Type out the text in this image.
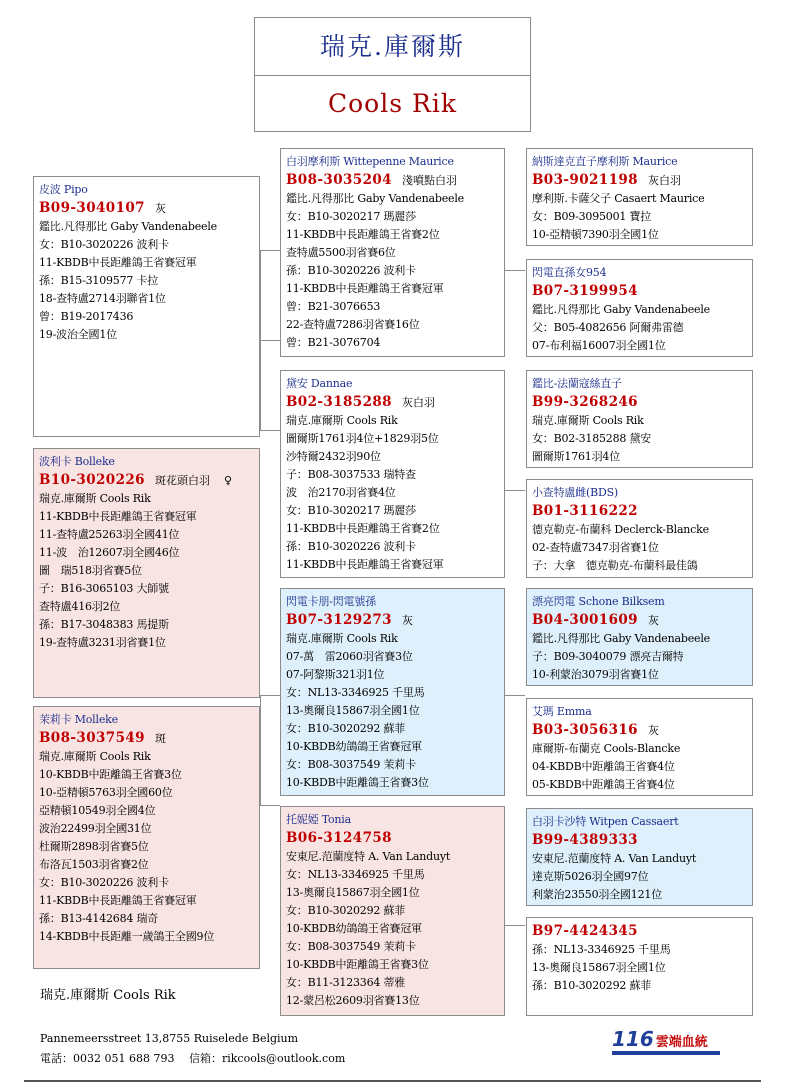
瑞克.庫爾斯
Cools Rik
皮波 Pipo
B09-3040107 灰
鑑比.凡得那比 Gaby Vandenabeele
女：B10-3020226 波利卡
11-KBDB中長距離鴿王省賽冠軍
孫：B15-3109577 卡拉
18-查特盧2714羽聯省1位
曾：B19-2017436
19-波治全國1位
波利卡 Bolleke
B10-3020226 斑花頭白羽 ♀
瑞克.庫爾斯 Cools Rik
11-KBDB中長距離鴿王省賽冠軍
11-查特盧25263羽全國41位
11-波　治12607羽全國46位
圖　瑞518羽省賽5位
子：B16-3065103 大師號
查特盧416羽2位
孫：B17-3048383 馬提斯
19-查特盧3231羽省賽1位
茉莉卡 Molleke
B08-3037549 斑
瑞克.庫爾斯 Cools Rik
10-KBDB中距離鴿王省賽3位
10-亞精頓5763羽全國60位
亞精頓10549羽全國4位
波治22499羽全國31位
杜爾斯2898羽省賽5位
布洛瓦1503羽省賽2位
女：B10-3020226 波利卡
11-KBDB中長距離鴿王省賽冠軍
孫：B13-4142684 瑞奇
14-KBDB中長距離一歲鴿王全國9位
白羽摩利斯 Wittepenne Maurice
B08-3035204 淺噴點白羽
鑑比.凡得那比 Gaby Vandenabeele
女：B10-3020217 瑪麗莎
11-KBDB中長距離鴿王省賽2位
查特盧5500羽省賽6位
孫：B10-3020226 波利卡
11-KBDB中長距離鴿王省賽冠軍
曾：B21-3076653
22-查特盧7286羽省賽16位
曾：B21-3076704
黛安 Dannae
B02-3185288 灰白羽
瑞克.庫爾斯 Cools Rik
圖爾斯1761羽4位+1829羽5位
沙特爾2432羽90位
子：B08-3037533 瑞特查
波　治2170羽省賽4位
女：B10-3020217 瑪麗莎
11-KBDB中長距離鴿王省賽2位
孫：B10-3020226 波利卡
11-KBDB中長距離鴿王省賽冠軍
閃電卡朋-閃電號孫
B07-3129273 灰
瑞克.庫爾斯 Cools Rik
07-萬　雷2060羽省賽3位
07-阿黎斯321羽1位
女：NL13-3346925 千里馬
13-奧爾良15867羽全國1位
女：B10-3020292 蘇菲
10-KBDB幼鴿鴿王省賽冠軍
女：B08-3037549 茉莉卡
10-KBDB中距離鴿王省賽3位
托妮婭 Tonia
B06-3124758
安東尼.范蘭度特 A. Van Landuyt
女：NL13-3346925 千里馬
13-奧爾良15867羽全國1位
女：B10-3020292 蘇菲
10-KBDB幼鴿鴿王省賽冠軍
女：B08-3037549 茉莉卡
10-KBDB中距離鴿王省賽3位
女：B11-3123364 蒂雅
12-蒙呂松2609羽省賽13位
納斯達克直子摩利斯 Maurice
B03-9021198 灰白羽
摩利斯.卡薩父子 Casaert Maurice
女：B09-3095001 寶拉
10-亞精頓7390羽全國1位
閃電直孫女954
B07-3199954
鑑比.凡得那比 Gaby Vandenabeele
父：B05-4082656 阿爾弗雷德
07-布利福16007羽全國1位
鑑比-法蘭寇絲直子
B99-3268246
瑞克.庫爾斯 Cools Rik
女：B02-3185288 黛安
圖爾斯1761羽4位
小查特盧雌(BDS)
B01-3116222
德克勒克-布蘭科 Declerck-Blancke
02-查特盧7347羽省賽1位
子：大拿　德克勒克-布蘭科最佳鴿
漂亮閃電 Schone Bilksem
B04-3001609 灰
鑑比.凡得那比 Gaby Vandenabeele
子：B09-3040079 漂亮吉爾特
10-利蒙治3079羽省賽1位
艾瑪 Emma
B03-3056316 灰
庫爾斯-布蘭克 Cools-Blancke
04-KBDB中距離鴿王省賽4位
05-KBDB中距離鴿王省賽4位
白羽卡沙特 Witpen Cassaert
B99-4389333
安東尼.范蘭度特 A. Van Landuyt
達克斯5026羽全國97位
利蒙治23550羽全國121位
B97-4424345
孫：NL13-3346925 千里馬
13-奧爾良15867羽全國1位
孫：B10-3020292 蘇菲
瑞克.庫爾斯 Cools Rik
Pannemeersstreet 13,8755 Ruiselede Belgium
電話：0032 051 688 793　 信箱：rikcools@outlook.com
116 雲端血統
